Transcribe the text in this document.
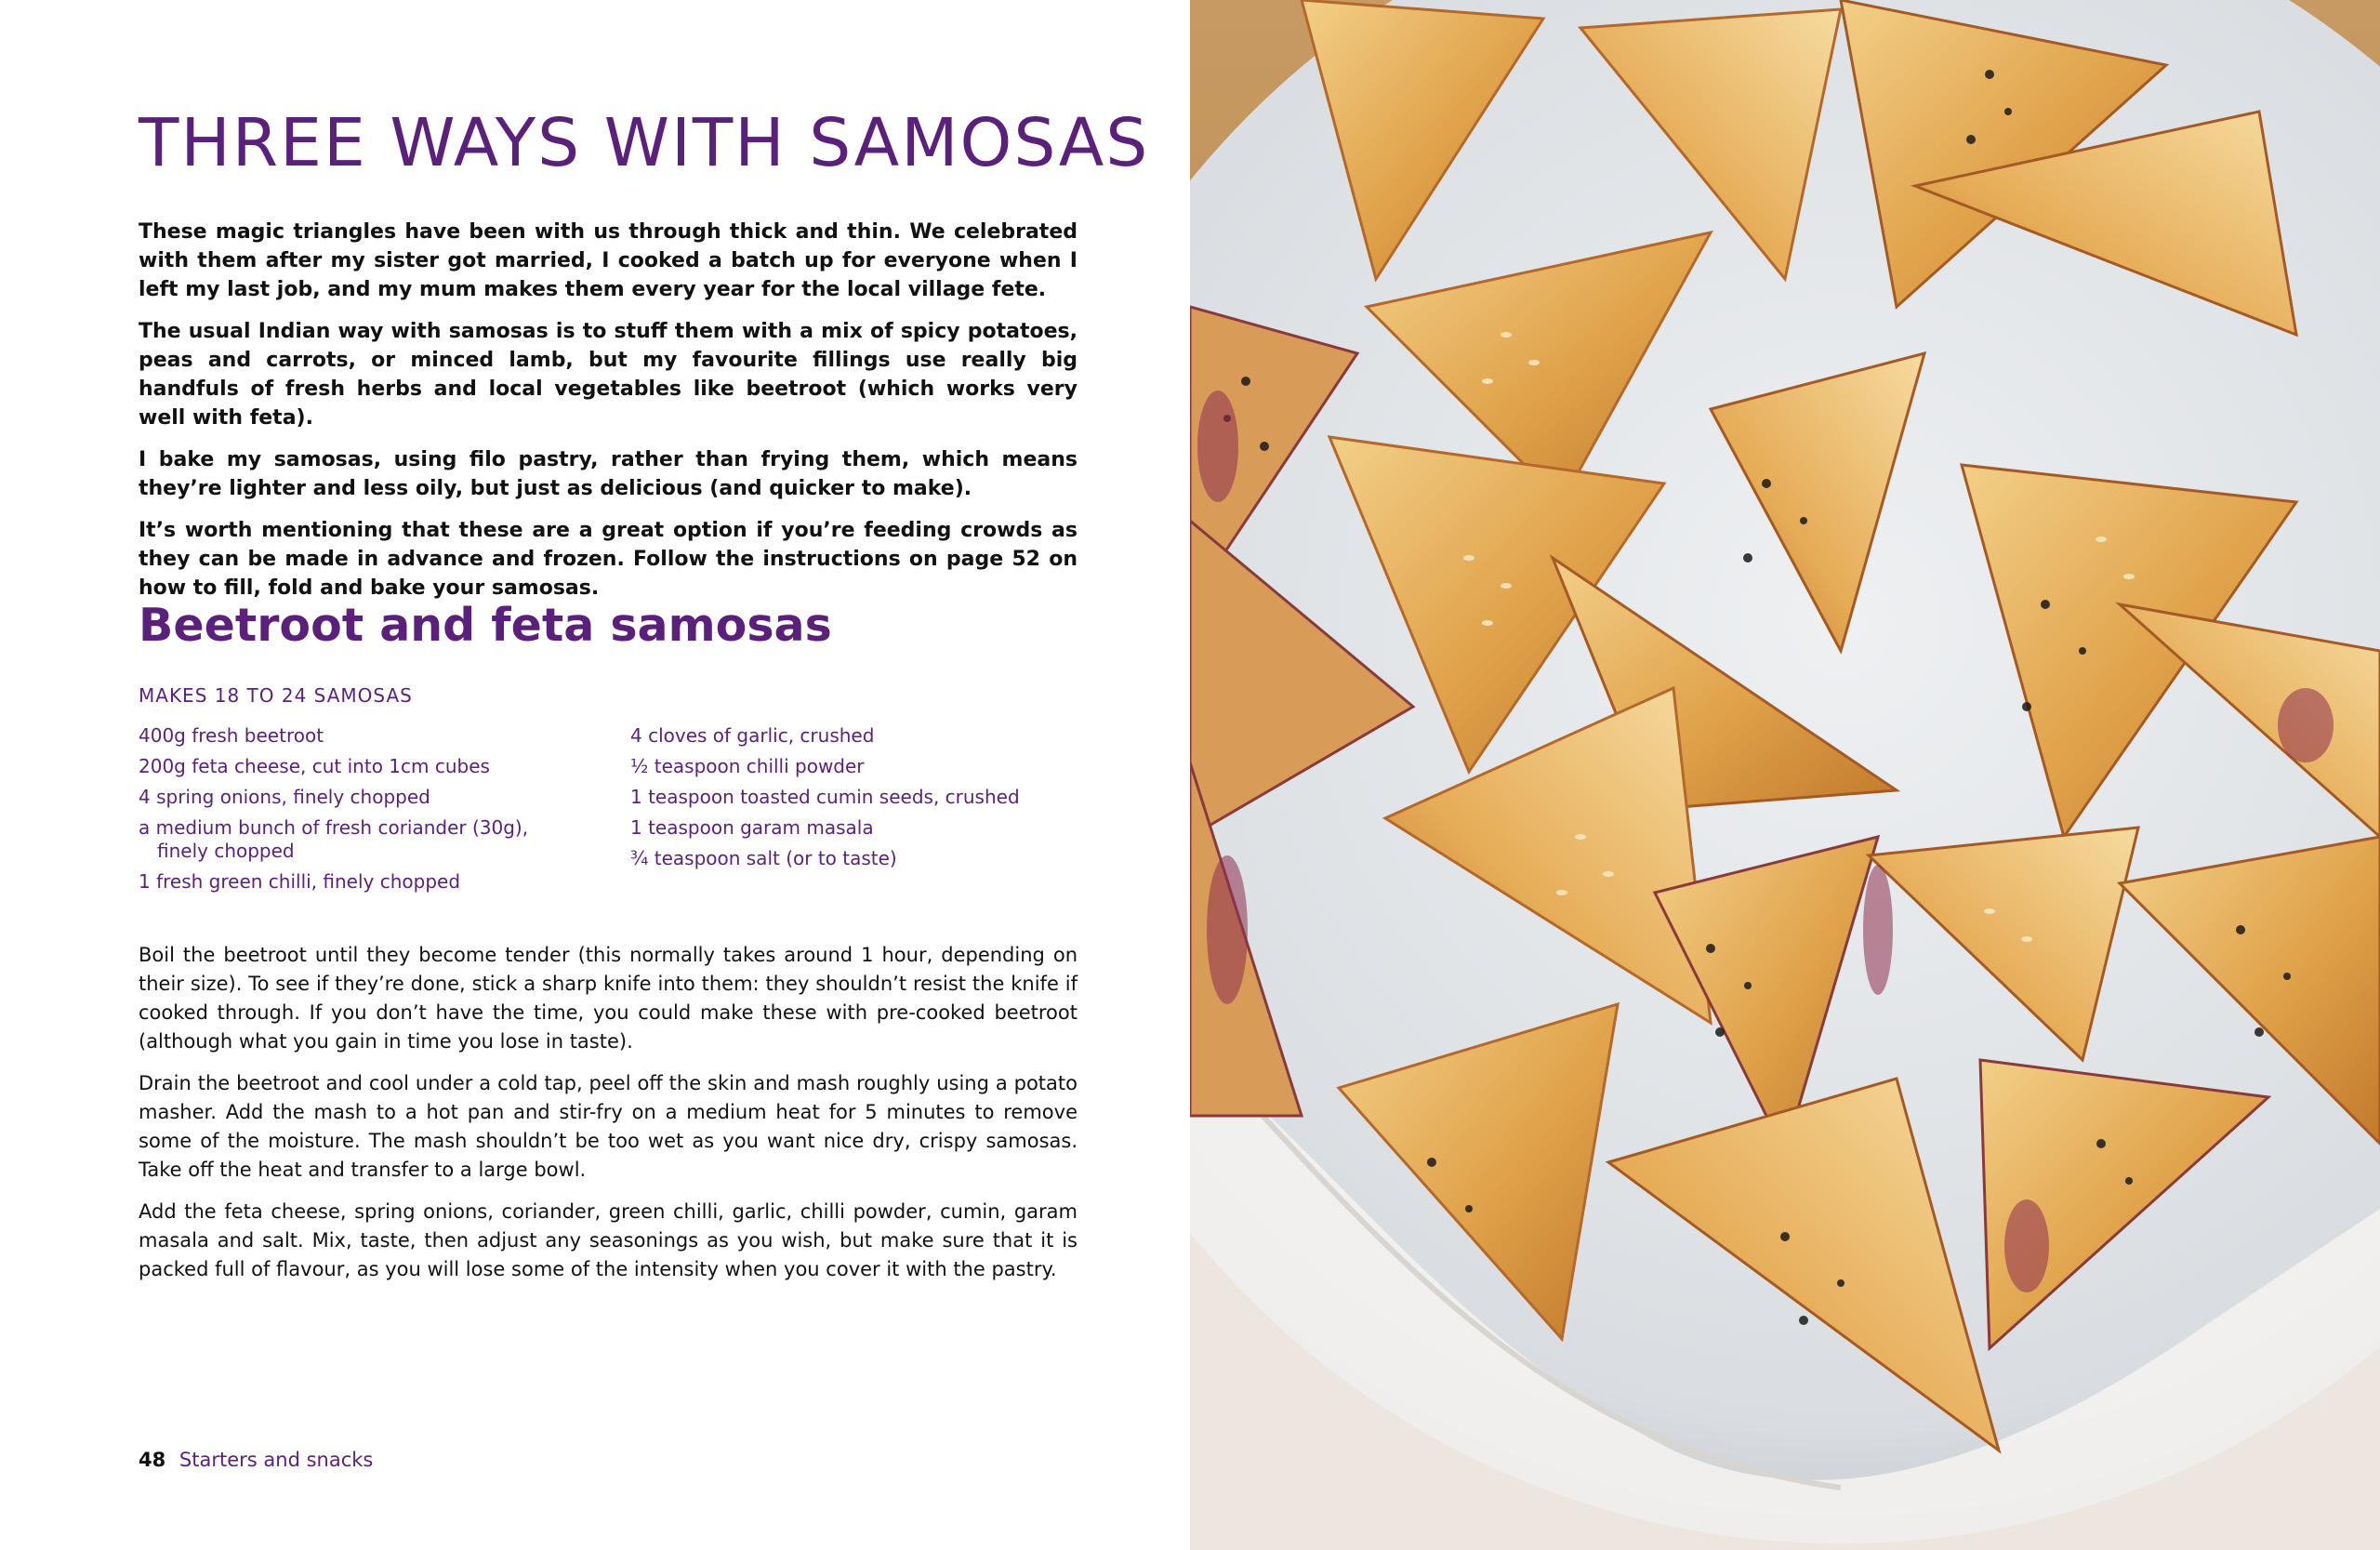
THREE WAYS WITH SAMOSAS

These magic triangles have been with us through thick and thin. We celebrated with them after my sister got married, I cooked a batch up for everyone when I left my last job, and my mum makes them every year for the local village fete.

The usual Indian way with samosas is to stuff them with a mix of spicy potatoes, peas and carrots, or minced lamb, but my favourite fillings use really big handfuls of fresh herbs and local vegetables like beetroot (which works very well with feta).

I bake my samosas, using filo pastry, rather than frying them, which means they’re lighter and less oily, but just as delicious (and quicker to make).

It’s worth mentioning that these are a great option if you’re feeding crowds as they can be made in advance and frozen. Follow the instructions on page 52 on how to fill, fold and bake your samosas.

Beetroot and feta samosas
MAKES 18 TO 24 SAMOSAS
400g fresh beetroot
200g feta cheese, cut into 1cm cubes
4 spring onions, finely chopped
a medium bunch of fresh coriander (30g), finely chopped
1 fresh green chilli, finely chopped
4 cloves of garlic, crushed
½ teaspoon chilli powder
1 teaspoon toasted cumin seeds, crushed
1 teaspoon garam masala
¾ teaspoon salt (or to taste)

Boil the beetroot until they become tender (this normally takes around 1 hour, depending on their size). To see if they’re done, stick a sharp knife into them: they shouldn’t resist the knife if cooked through. If you don’t have the time, you could make these with pre-cooked beetroot (although what you gain in time you lose in taste).

Drain the beetroot and cool under a cold tap, peel off the skin and mash roughly using a potato masher. Add the mash to a hot pan and stir-fry on a medium heat for 5 minutes to remove some of the moisture. The mash shouldn’t be too wet as you want nice dry, crispy samosas. Take off the heat and transfer to a large bowl.

Add the feta cheese, spring onions, coriander, green chilli, garlic, chilli powder, cumin, garam masala and salt. Mix, taste, then adjust any seasonings as you wish, but make sure that it is packed full of flavour, as you will lose some of the intensity when you cover it with the pastry.

48 Starters and snacks
